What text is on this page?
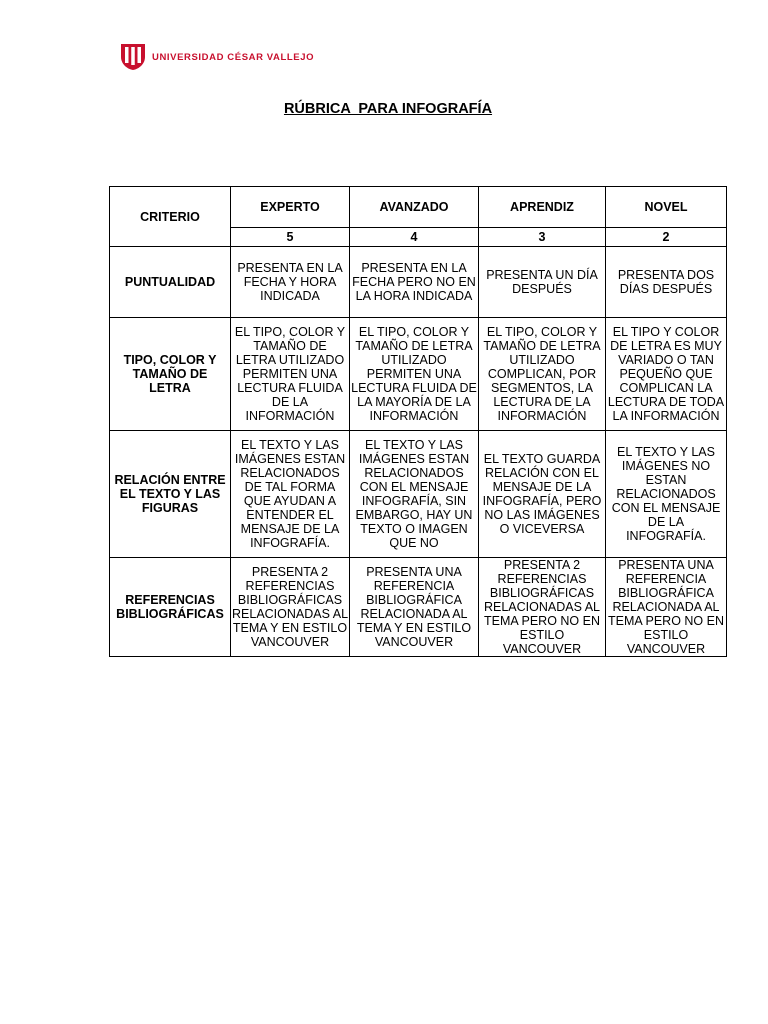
UNIVERSIDAD CÉSAR VALLEJO
RÚBRICA  PARA INFOGRAFÍA
CRITERIO	EXPERTO	AVANZADO	APRENDIZ	NOVEL
	5	4	3	2
PUNTUALIDAD	PRESENTA EN LA FECHA Y HORA INDICADA	PRESENTA EN LA FECHA PERO NO EN LA HORA INDICADA	PRESENTA UN DÍA DESPUÉS	PRESENTA DOS DÍAS DESPUÉS
TIPO, COLOR Y TAMAÑO DE LETRA	EL TIPO, COLOR Y TAMAÑO DE LETRA UTILIZADO PERMITEN UNA LECTURA FLUIDA DE LA INFORMACIÓN	EL TIPO, COLOR Y TAMAÑO DE LETRA UTILIZADO PERMITEN UNA LECTURA FLUIDA DE LA MAYORÍA DE LA INFORMACIÓN	EL TIPO, COLOR Y TAMAÑO DE LETRA UTILIZADO COMPLICAN, POR SEGMENTOS, LA LECTURA DE LA INFORMACIÓN	EL TIPO Y COLOR DE LETRA ES MUY VARIADO O TAN PEQUEÑO QUE COMPLICAN LA LECTURA DE TODA LA INFORMACIÓN
RELACIÓN ENTRE EL TEXTO Y LAS FIGURAS	EL TEXTO Y LAS IMÁGENES ESTAN RELACIONADOS DE TAL FORMA QUE AYUDAN A ENTENDER EL MENSAJE DE LA INFOGRAFÍA.	EL TEXTO Y LAS IMÁGENES ESTAN RELACIONADOS CON EL MENSAJE INFOGRAFÍA, SIN EMBARGO, HAY UN TEXTO O IMAGEN QUE NO	EL TEXTO GUARDA RELACIÓN CON EL MENSAJE DE LA INFOGRAFÍA, PERO NO LAS IMÁGENES O VICEVERSA	EL TEXTO Y LAS IMÁGENES NO ESTAN RELACIONADOS CON EL MENSAJE DE LA INFOGRAFÍA.
REFERENCIAS BIBLIOGRÁFICAS	PRESENTA 2 REFERENCIAS BIBLIOGRÁFICAS RELACIONADAS AL TEMA Y EN ESTILO VANCOUVER	PRESENTA UNA REFERENCIA BIBLIOGRÁFICA RELACIONADA AL TEMA Y EN ESTILO VANCOUVER	PRESENTA 2 REFERENCIAS BIBLIOGRÁFICAS RELACIONADAS AL TEMA PERO NO EN ESTILO VANCOUVER	PRESENTA UNA REFERENCIA BIBLIOGRÁFICA RELACIONADA AL TEMA PERO NO EN ESTILO VANCOUVER
